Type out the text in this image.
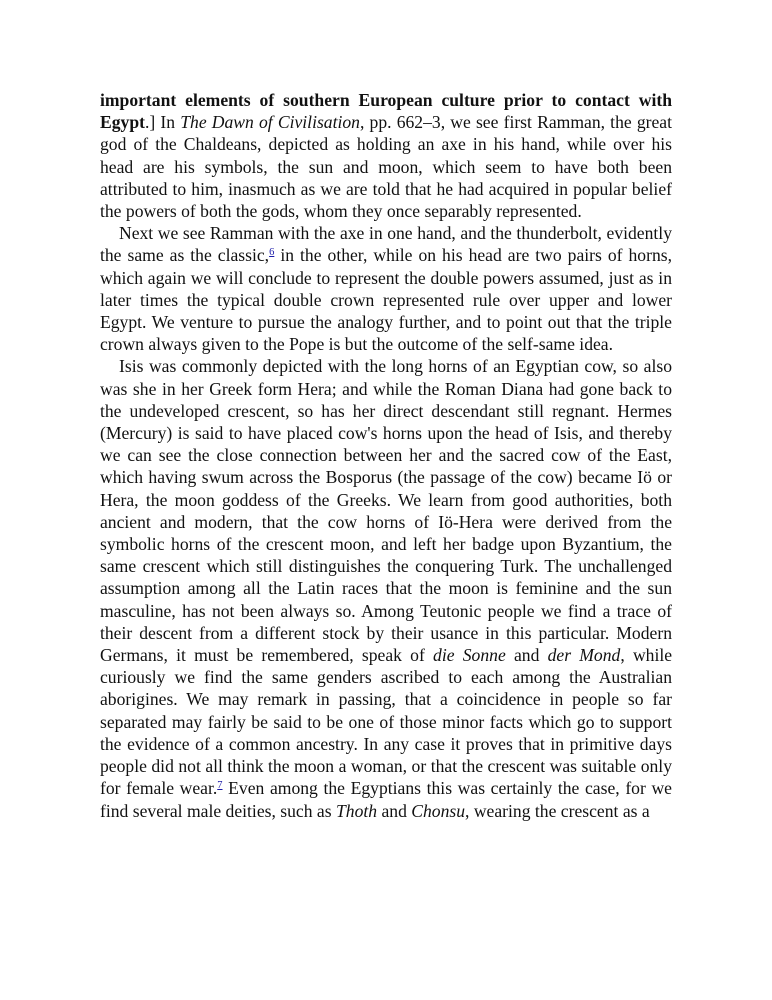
important elements of southern European culture prior to contact with Egypt.] In The Dawn of Civilisation, pp. 662–3, we see first Ramman, the great god of the Chaldeans, depicted as holding an axe in his hand, while over his head are his symbols, the sun and moon, which seem to have both been attributed to him, inasmuch as we are told that he had acquired in popular belief the powers of both the gods, whom they once separably represented.

Next we see Ramman with the axe in one hand, and the thunderbolt, evidently the same as the classic,$^6$ in the other, while on his head are two pairs of horns, which again we will conclude to represent the double powers assumed, just as in later times the typical double crown represented rule over upper and lower Egypt. We venture to pursue the analogy further, and to point out that the triple crown always given to the Pope is but the outcome of the self-same idea.

Isis was commonly depicted with the long horns of an Egyptian cow, so also was she in her Greek form Hera; and while the Roman Diana had gone back to the undeveloped crescent, so has her direct descendant still regnant. Hermes (Mercury) is said to have placed cow's horns upon the head of Isis, and thereby we can see the close connection between her and the sacred cow of the East, which having swum across the Bosporus (the passage of the cow) became Iö or Hera, the moon goddess of the Greeks. We learn from good authorities, both ancient and modern, that the cow horns of Iö-Hera were derived from the symbolic horns of the crescent moon, and left her badge upon Byzantium, the same crescent which still distinguishes the conquering Turk. The unchallenged assumption among all the Latin races that the moon is feminine and the sun masculine, has not been always so. Among Teutonic people we find a trace of their descent from a different stock by their usance in this particular. Modern Germans, it must be remembered, speak of die Sonne and der Mond, while curiously we find the same genders ascribed to each among the Australian aborigines. We may remark in passing, that a coincidence in people so far separated may fairly be said to be one of those minor facts which go to support the evidence of a common ancestry. In any case it proves that in primitive days people did not all think the moon a woman, or that the crescent was suitable only for female wear.$^7$ Even among the Egyptians this was certainly the case, for we find several male deities, such as Thoth and Chonsu, wearing the crescent as a
